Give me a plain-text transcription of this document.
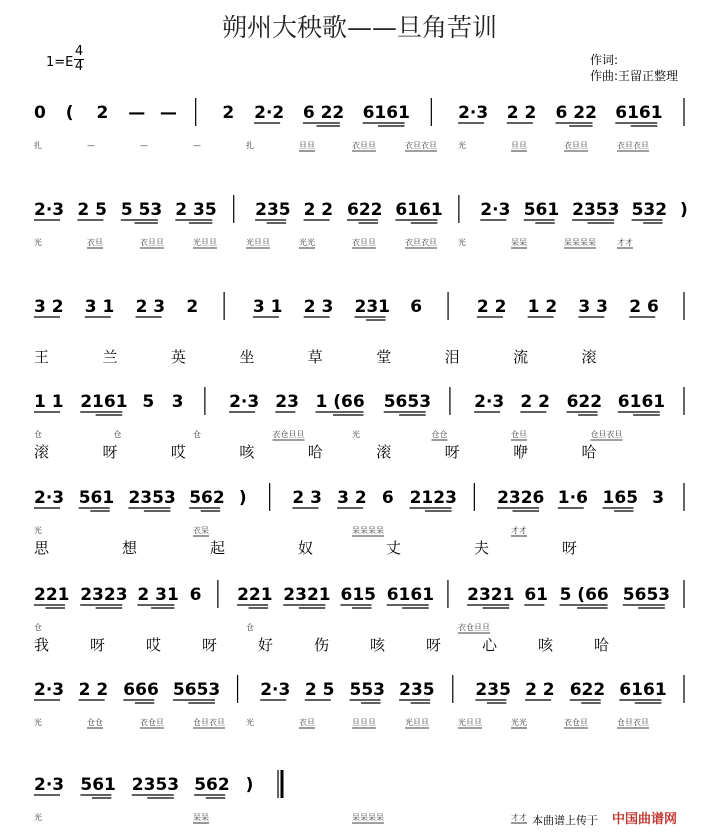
朔州大秧歌——旦角苦训
1=E
4
4	作词:
作曲:王留正整理
0 ( 2 — —	2 2·2 6 22 6161	2·3 2 2 6 22 6161
扎	—	—	—	扎	旦旦	衣旦旦	衣旦衣旦	光	旦旦	衣旦旦	衣旦衣旦
2·3 2 5 5 53 2 35 235 2 2 622 6161 2·3 561 2353 532 )
光	衣旦	衣旦旦	光旦旦	光旦旦	光光	衣旦旦	衣旦衣旦	光	呆呆	呆呆呆呆	才才
3 2 3 1 2 3 2	3 1 2 3 231 6	2 2 1 2 3 3 2 6
王	兰	英	坐	草	堂	泪	流	滚
1 1 2161 5 3	2·3 23 1 (66 5653	2·3 2 2 622 6161
仓	仓	仓	衣仓旦旦	光	仓仓	仓旦	仓旦衣旦
滚	呀	哎	咳	哈	滚	呀	咿	哈
2·3 561 2353 562 )	2 3 3 2 6 2123 2326 1·6 165 3
光	衣呆	呆呆呆呆	才才
思	想	起	奴	丈	夫	呀
221 2323 2 31 6 221 2321 615 6161 2321 61 5 (66 5653
仓	仓	衣仓旦旦
我	呀	哎	呀	好	伤	咳	呀	心	咳	哈
2·3 2 2 666 5653 2·3 2 5 553 235 235 2 2 622 6161
光	仓仓	衣仓旦	仓旦衣旦	光	衣旦	旦旦旦	光旦旦	光旦旦	光光	衣仓旦	仓旦衣旦
2·3 561 2353 562 )
光	呆呆	呆呆呆呆	才才 本曲谱上传于 中国曲谱网
